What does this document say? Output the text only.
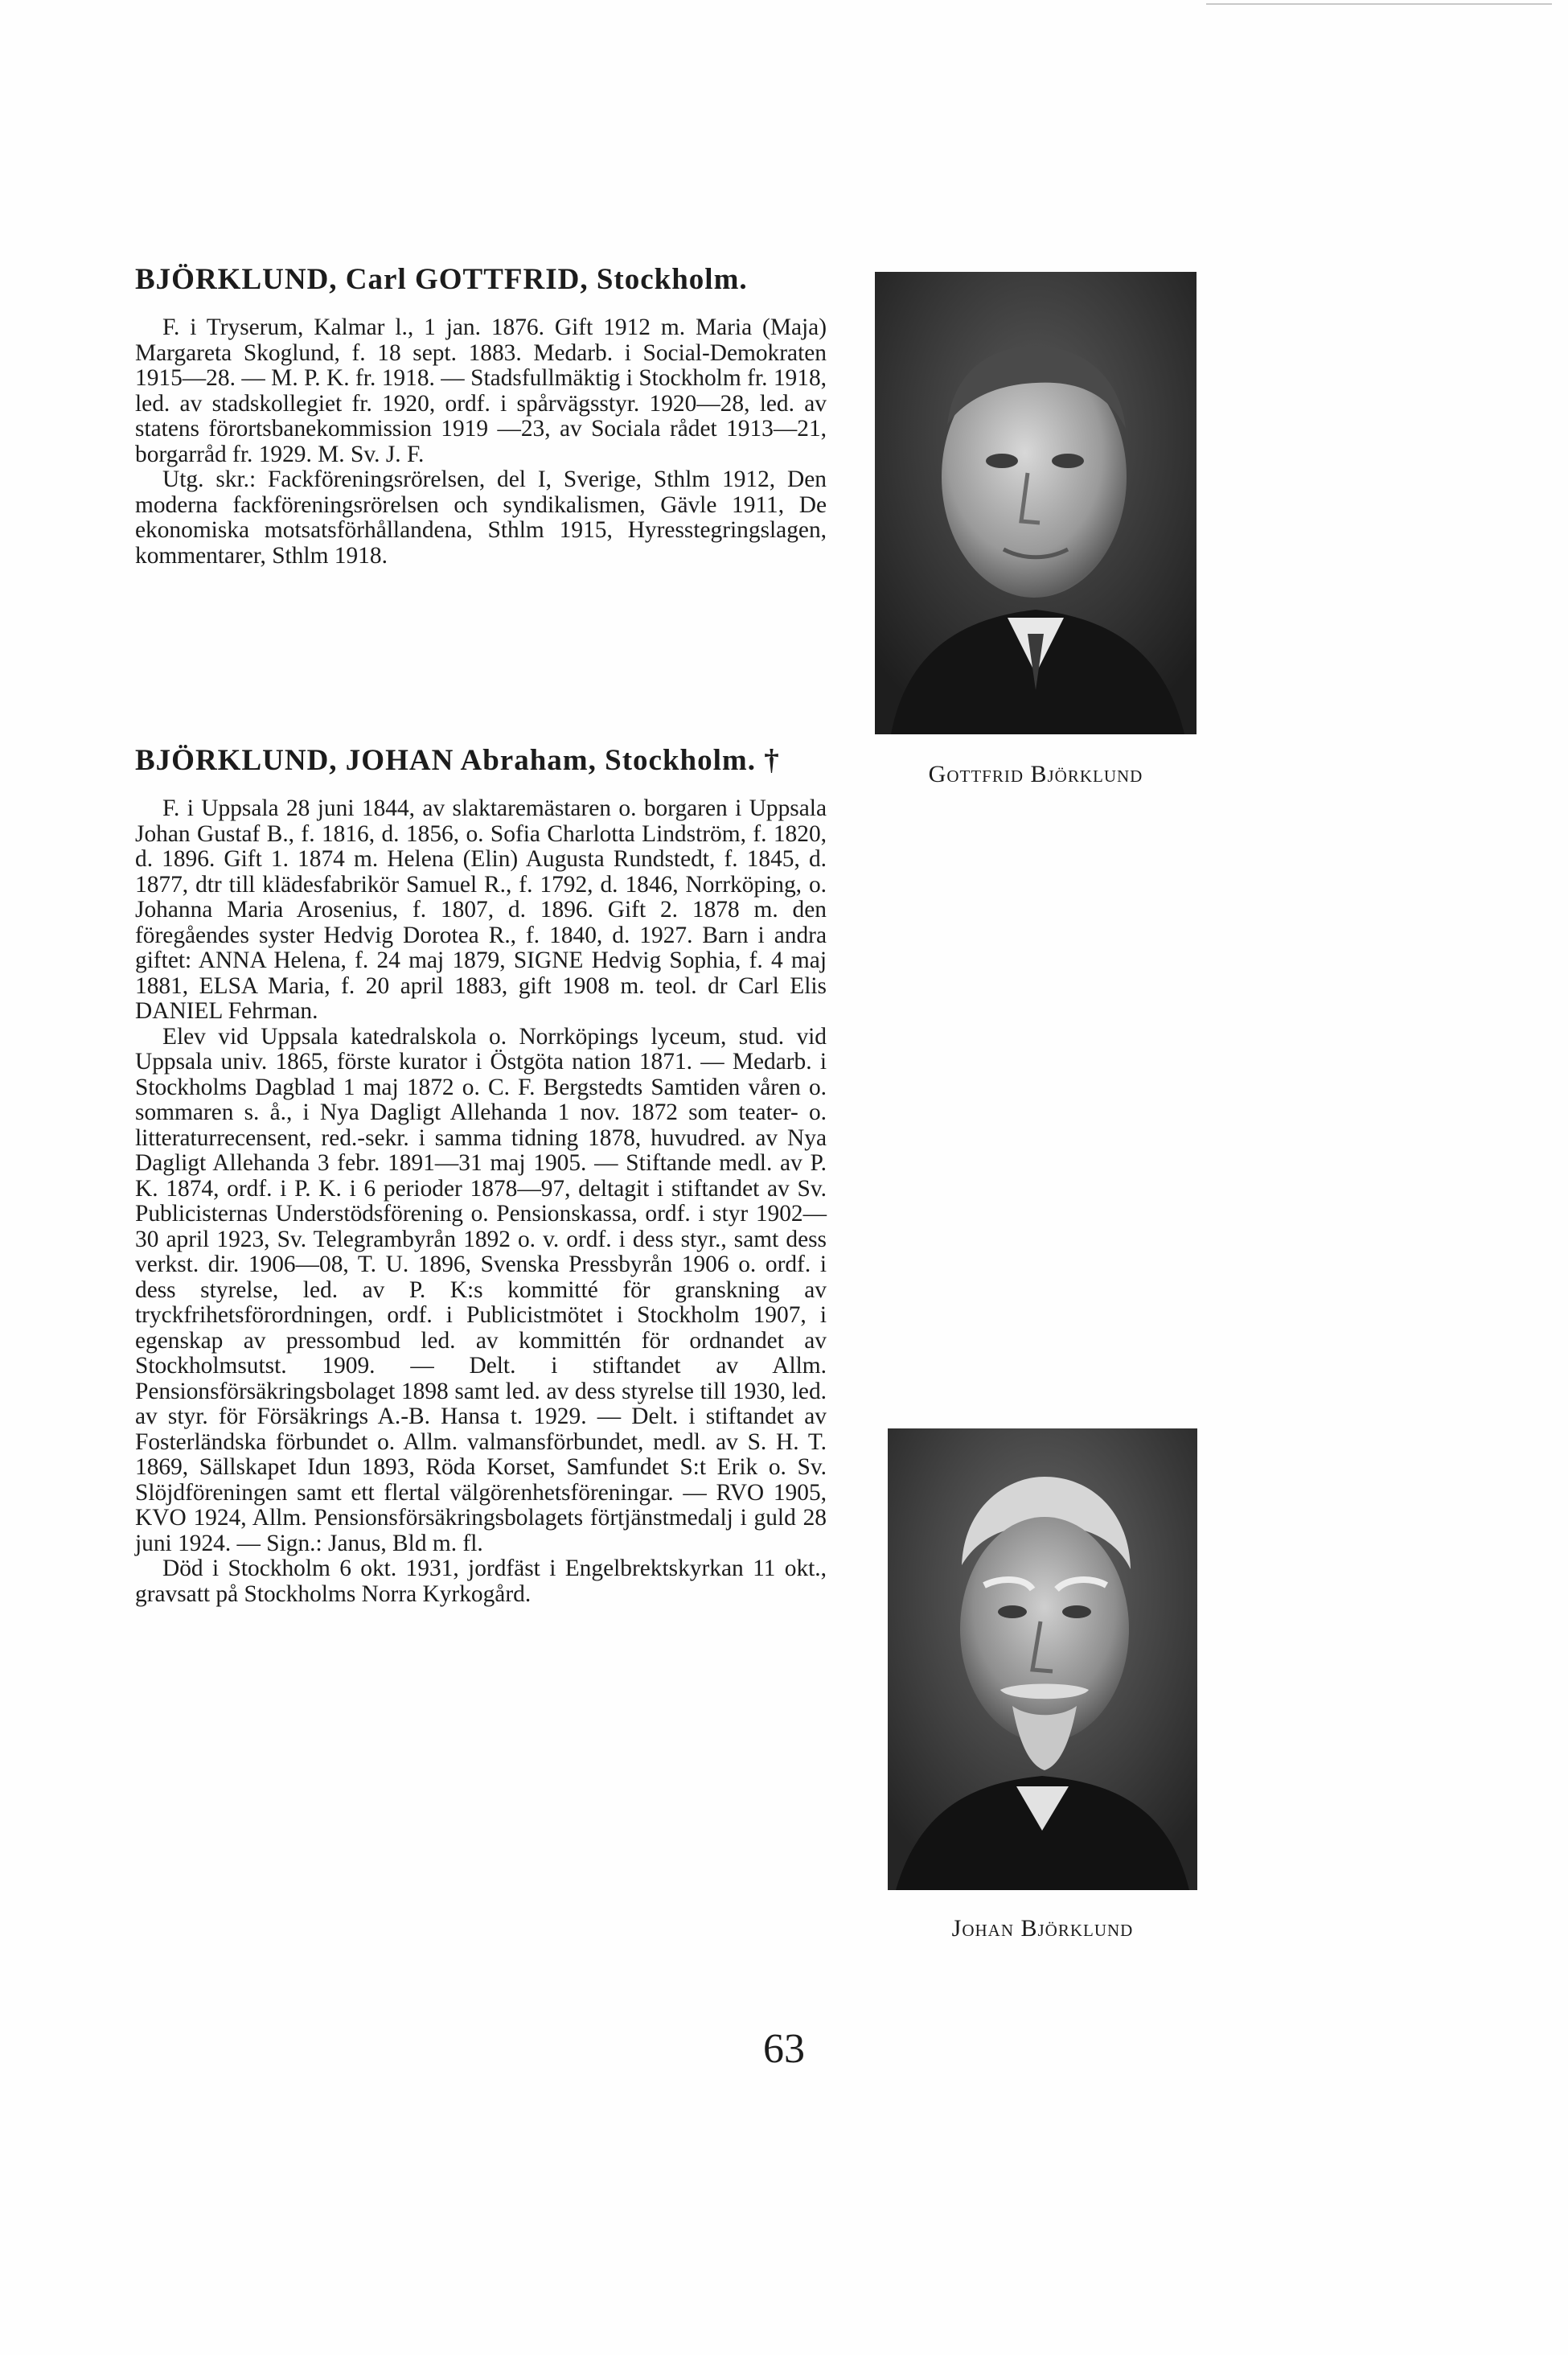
BJÖRKLUND, Carl GOTTFRID, Stockholm.

F. i Tryserum, Kalmar l., 1 jan. 1876. Gift 1912 m. Maria (Maja) Margareta Skoglund, f. 18 sept. 1883. Medarb. i Social-Demokraten 1915—28. — M. P. K. fr. 1918. — Stadsfullmäktig i Stockholm fr. 1918, led. av stadskollegiet fr. 1920, ordf. i spårvägsstyr. 1920—28, led. av statens förortsbanekommission 1919 —23, av Sociala rådet 1913—21, borgarråd fr. 1929. M. Sv. J. F.

Utg. skr.: Fackföreningsrörelsen, del I, Sverige, Sthlm 1912, Den moderna fackföreningsrörelsen och syndikalismen, Gävle 1911, De ekonomiska motsatsförhållandena, Sthlm 1915, Hyresstegringslagen, kommentarer, Sthlm 1918.

BJÖRKLUND, JOHAN Abraham, Stockholm. †

F. i Uppsala 28 juni 1844, av slaktaremästaren o. borgaren i Uppsala Johan Gustaf B., f. 1816, d. 1856, o. Sofia Charlotta Lindström, f. 1820, d. 1896. Gift 1. 1874 m. Helena (Elin) Augusta Rundstedt, f. 1845, d. 1877, dtr till klädesfabrikör Samuel R., f. 1792, d. 1846, Norrköping, o. Johanna Maria Arosenius, f. 1807, d. 1896. Gift 2. 1878 m. den föregåendes syster Hedvig Dorotea R., f. 1840, d. 1927. Barn i andra giftet: ANNA Helena, f. 24 maj 1879, SIGNE Hedvig Sophia, f. 4 maj 1881, ELSA Maria, f. 20 april 1883, gift 1908 m. teol. dr Carl Elis DANIEL Fehrman.

Elev vid Uppsala katedralskola o. Norrköpings lyceum, stud. vid Uppsala univ. 1865, förste kurator i Östgöta nation 1871. — Medarb. i Stockholms Dagblad 1 maj 1872 o. C. F. Bergstedts Samtiden våren o. sommaren s. å., i Nya Dagligt Allehanda 1 nov. 1872 som teater- o. litteraturrecensent, red.-sekr. i samma tidning 1878, huvudred. av Nya Dagligt Allehanda 3 febr. 1891—31 maj 1905. — Stiftande medl. av P. K. 1874, ordf. i P. K. i 6 perioder 1878—97, deltagit i stiftandet av Sv. Publicisternas Understödsförening o. Pensionskassa, ordf. i styr 1902—30 april 1923, Sv. Telegrambyrån 1892 o. v. ordf. i dess styr., samt dess verkst. dir. 1906—08, T. U. 1896, Svenska Pressbyrån 1906 o. ordf. i dess styrelse, led. av P. K:s kommitté för granskning av tryckfrihetsförordningen, ordf. i Publicistmötet i Stockholm 1907, i egenskap av pressombud led. av kommittén för ordnandet av Stockholmsutst. 1909. — Delt. i stiftandet av Allm. Pensionsförsäkringsbolaget 1898 samt led. av dess styrelse till 1930, led. av styr. för Försäkrings A.-B. Hansa t. 1929. — Delt. i stiftandet av Fosterländska förbundet o. Allm. valmansförbundet, medl. av S. H. T. 1869, Sällskapet Idun 1893, Röda Korset, Samfundet S:t Erik o. Sv. Slöjdföreningen samt ett flertal välgörenhetsföreningar. — RVO 1905, KVO 1924, Allm. Pensionsförsäkringsbolagets förtjänstmedalj i guld 28 juni 1924. — Sign.: Janus, Bld m. fl.

Död i Stockholm 6 okt. 1931, jordfäst i Engelbrektskyrkan 11 okt., gravsatt på Stockholms Norra Kyrkogård.

Gottfrid Björklund
Johan Björklund
63
